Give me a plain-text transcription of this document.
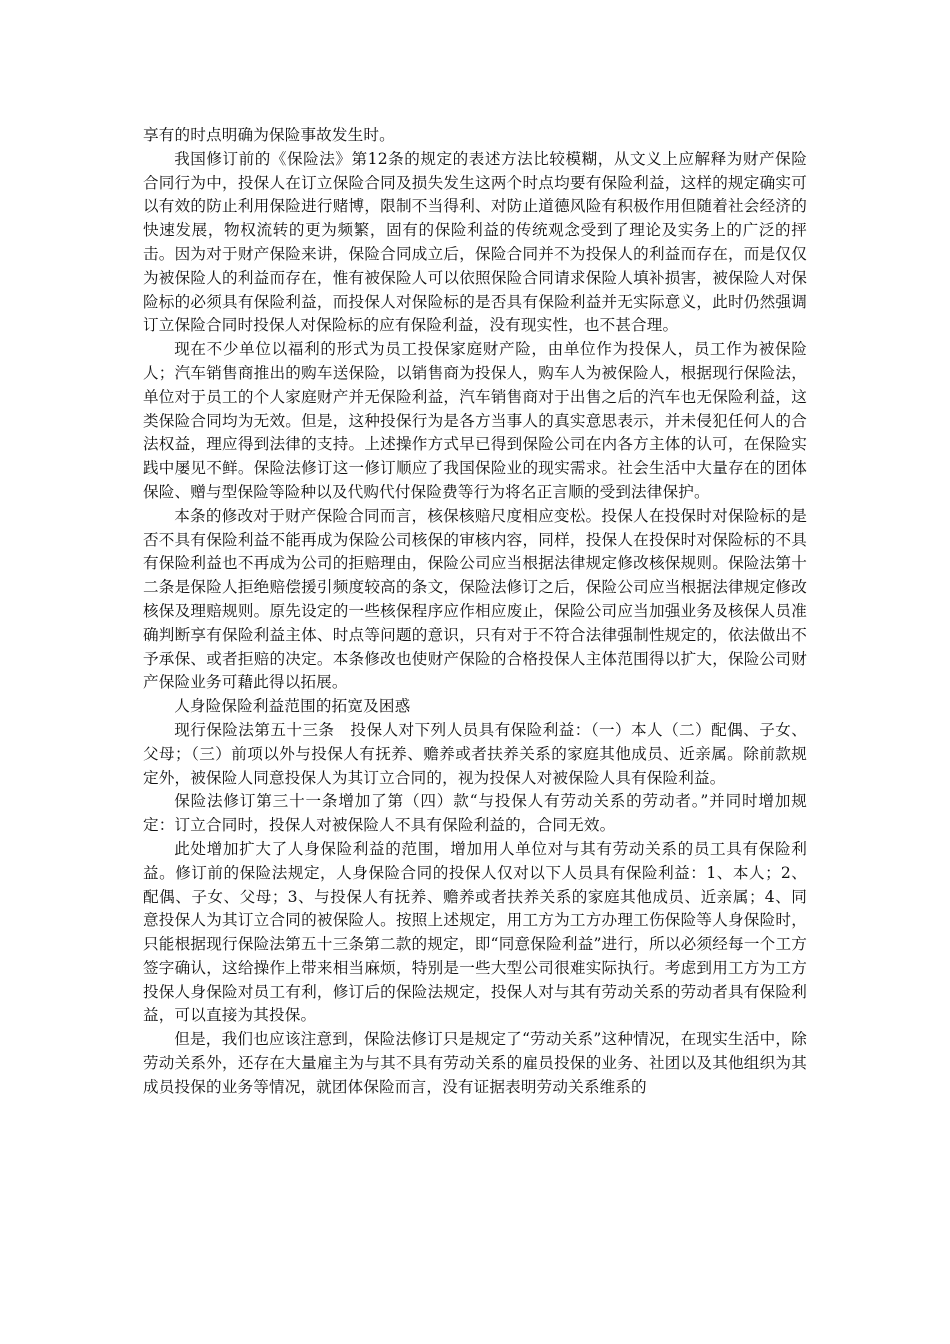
享有的时点明确为保险事故发生时。

我国修订前的《保险法》第12条的规定的表述方法比较模糊，从文义上应解释为财产保险合同行为中，投保人在订立保险合同及损失发生这两个时点均要有保险利益，这样的规定确实可以有效的防止利用保险进行赌博，限制不当得利、对防止道德风险有积极作用但随着社会经济的快速发展，物权流转的更为频繁，固有的保险利益的传统观念受到了理论及实务上的广泛的抨击。因为对于财产保险来讲，保险合同成立后，保险合同并不为投保人的利益而存在，而是仅仅为被保险人的利益而存在，惟有被保险人可以依照保险合同请求保险人填补损害，被保险人对保险标的必须具有保险利益，而投保人对保险标的是否具有保险利益并无实际意义，此时仍然强调订立保险合同时投保人对保险标的应有保险利益，没有现实性，也不甚合理。

现在不少单位以福利的形式为员工投保家庭财产险，由单位作为投保人，员工作为被保险人；汽车销售商推出的购车送保险，以销售商为投保人，购车人为被保险人，根据现行保险法，单位对于员工的个人家庭财产并无保险利益，汽车销售商对于出售之后的汽车也无保险利益，这类保险合同均为无效。但是，这种投保行为是各方当事人的真实意思表示，并未侵犯任何人的合法权益，理应得到法律的支持。上述操作方式早已得到保险公司在内各方主体的认可，在保险实践中屡见不鲜。保险法修订这一修订顺应了我国保险业的现实需求。社会生活中大量存在的团体保险、赠与型保险等险种以及代购代付保险费等行为将名正言顺的受到法律保护。

本条的修改对于财产保险合同而言，核保核赔尺度相应变松。投保人在投保时对保险标的是否不具有保险利益不能再成为保险公司核保的审核内容，同样，投保人在投保时对保险标的不具有保险利益也不再成为公司的拒赔理由，保险公司应当根据法律规定修改核保规则。保险法第十二条是保险人拒绝赔偿援引频度较高的条文，保险法修订之后，保险公司应当根据法律规定修改核保及理赔规则。原先设定的一些核保程序应作相应废止，保险公司应当加强业务及核保人员准确判断享有保险利益主体、时点等问题的意识，只有对于不符合法律强制性规定的，依法做出不予承保、或者拒赔的决定。本条修改也使财产保险的合格投保人主体范围得以扩大，保险公司财产保险业务可藉此得以拓展。

人身险保险利益范围的拓宽及困惑

现行保险法第五十三条　投保人对下列人员具有保险利益：（一）本人（二）配偶、子女、父母；（三）前项以外与投保人有抚养、赡养或者扶养关系的家庭其他成员、近亲属。除前款规定外，被保险人同意投保人为其订立合同的，视为投保人对被保险人具有保险利益。

保险法修订第三十一条增加了第（四）款“与投保人有劳动关系的劳动者。”并同时增加规定：订立合同时，投保人对被保险人不具有保险利益的，合同无效。

此处增加扩大了人身保险利益的范围，增加用人单位对与其有劳动关系的员工具有保险利益。修订前的保险法规定，人身保险合同的投保人仅对以下人员具有保险利益：1、本人；2、配偶、子女、父母；3、与投保人有抚养、赡养或者扶养关系的家庭其他成员、近亲属；4、同意投保人为其订立合同的被保险人。按照上述规定，用工方为工方办理工伤保险等人身保险时，只能根据现行保险法第五十三条第二款的规定，即“同意保险利益”进行，所以必须经每一个工方签字确认，这给操作上带来相当麻烦，特别是一些大型公司很难实际执行。考虑到用工方为工方投保人身保险对员工有利，修订后的保险法规定，投保人对与其有劳动关系的劳动者具有保险利益，可以直接为其投保。

但是，我们也应该注意到，保险法修订只是规定了“劳动关系”这种情况，在现实生活中，除劳动关系外，还存在大量雇主为与其不具有劳动关系的雇员投保的业务、社团以及其他组织为其成员投保的业务等情况，就团体保险而言，没有证据表明劳动关系维系的
